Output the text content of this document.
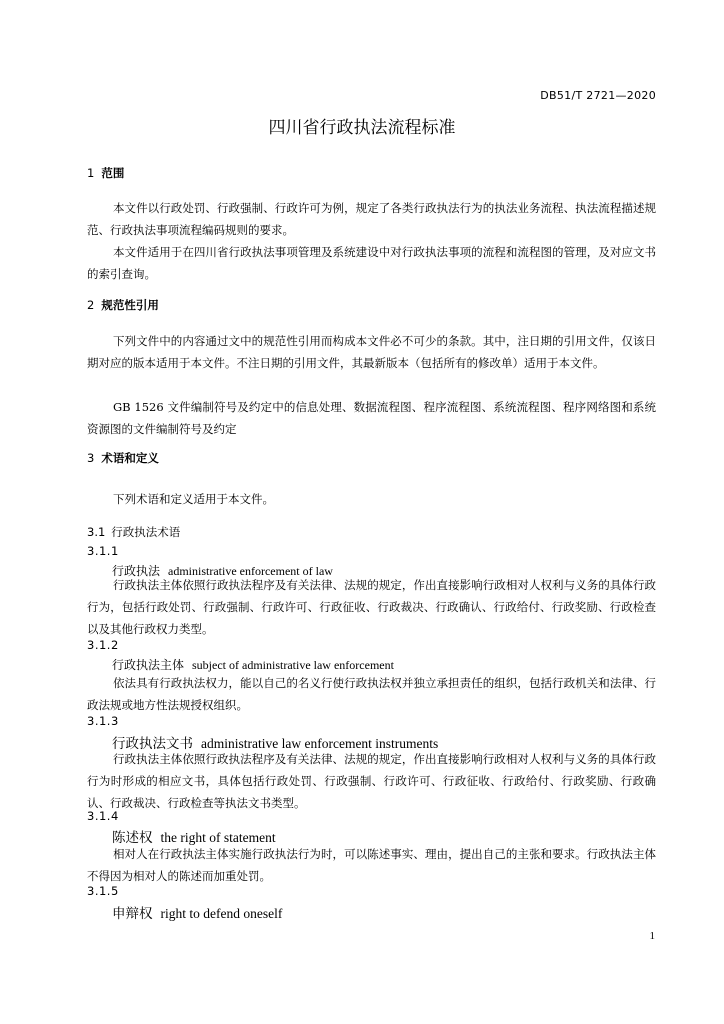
DB51/T 2721—2020
四川省行政执法流程标准
1 范围

本文件以行政处罚、行政强制、行政许可为例，规定了各类行政执法行为的执法业务流程、执法流程描述规范、行政执法事项流程编码规则的要求。

本文件适用于在四川省行政执法事项管理及系统建设中对行政执法事项的流程和流程图的管理，及对应文书的索引查询。

2 规范性引用

下列文件中的内容通过文中的规范性引用而构成本文件必不可少的条款。其中，注日期的引用文件，仅该日期对应的版本适用于本文件。不注日期的引用文件，其最新版本（包括所有的修改单）适用于本文件。

GB 1526 文件编制符号及约定中的信息处理、数据流程图、程序流程图、系统流程图、程序网络图和系统资源图的文件编制符号及约定

3 术语和定义

下列术语和定义适用于本文件。

3.1 行政执法术语
3.1.1
行政执法 administrative enforcement of law

行政执法主体依照行政执法程序及有关法律、法规的规定，作出直接影响行政相对人权利与义务的具体行政行为，包括行政处罚、行政强制、行政许可、行政征收、行政裁决、行政确认、行政给付、行政奖励、行政检查以及其他行政权力类型。

3.1.2
行政执法主体 subject of administrative law enforcement

依法具有行政执法权力，能以自己的名义行使行政执法权并独立承担责任的组织，包括行政机关和法律、行政法规或地方性法规授权组织。

3.1.3
行政执法文书 administrative law enforcement instruments

行政执法主体依照行政执法程序及有关法律、法规的规定，作出直接影响行政相对人权利与义务的具体行政行为时形成的相应文书，具体包括行政处罚、行政强制、行政许可、行政征收、行政给付、行政奖励、行政确认、行政裁决、行政检查等执法文书类型。

3.1.4
陈述权 the right of statement

相对人在行政执法主体实施行政执法行为时，可以陈述事实、理由，提出自己的主张和要求。行政执法主体不得因为相对人的陈述而加重处罚。

3.1.5
申辩权 right to defend oneself
1
